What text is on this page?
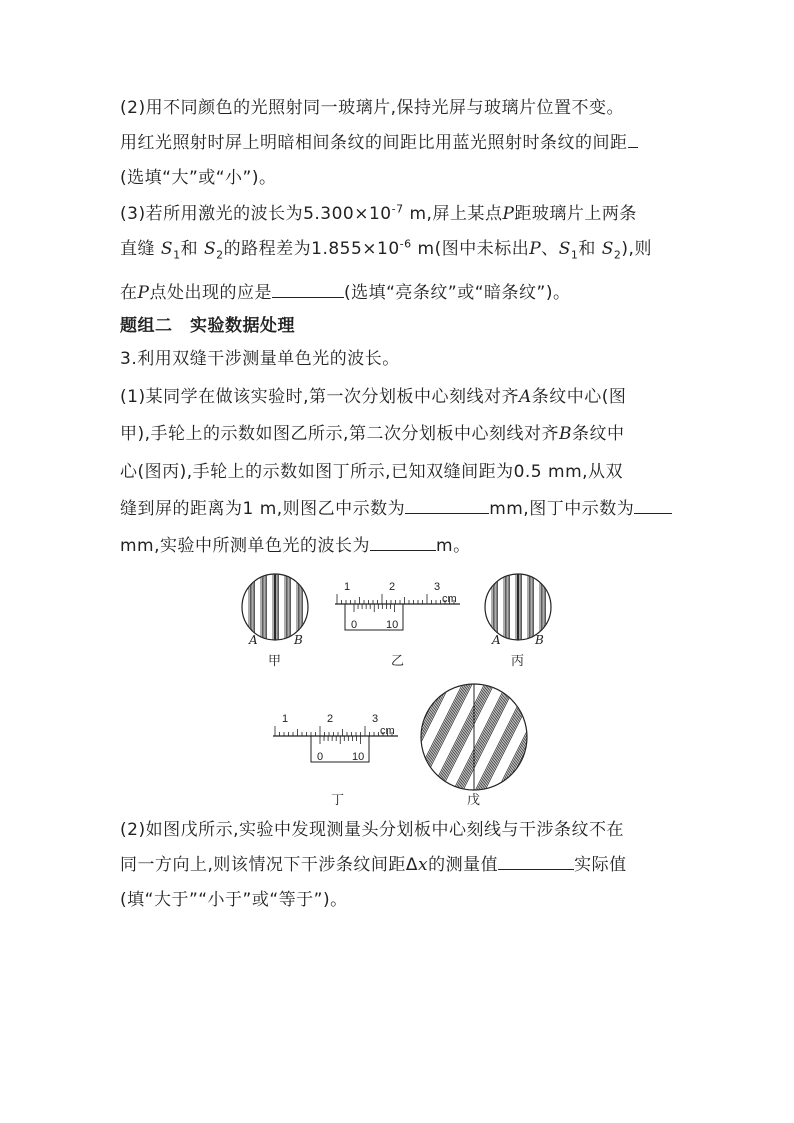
(2)用不同颜色的光照射同一玻璃片,保持光屏与玻璃片位置不变。
用红光照射时屏上明暗相间条纹的间距比用蓝光照射时条纹的间距
(选填“大”或“小”)。
(3)若所用激光的波长为$5.300\times 10^{-7}$ m,屏上某点P距玻璃片上两条
直缝 $S_1$和 $S_2$的路程差为$1.855\times 10^{-6}$ m(图中未标出P、$S_1$和 $S_2$),则
在P点处出现的应是	(选填“亮条纹”或“暗条纹”)。
题组二　实验数据处理
3.利用双缝干涉测量单色光的波长。
(1)某同学在做该实验时,第一次分划板中心刻线对齐A条纹中心(图
甲),手轮上的示数如图乙所示,第二次分划板中心刻线对齐B条纹中
心(图丙),手轮上的示数如图丁所示,已知双缝间距为0.5 mm,从双
缝到屏的距离为1 m,则图乙中示数为	mm,图丁中示数为
mm,实验中所测单色光的波长为	m。
A	B
1	2	3
cm
0	10
A	B
1	2	3
cm
0	10
甲	乙	丙
丁	戊
(2)如图戊所示,实验中发现测量头分划板中心刻线与干涉条纹不在
同一方向上,则该情况下干涉条纹间距Δx的测量值	实际值
(填“大于”“小于”或“等于”)。
